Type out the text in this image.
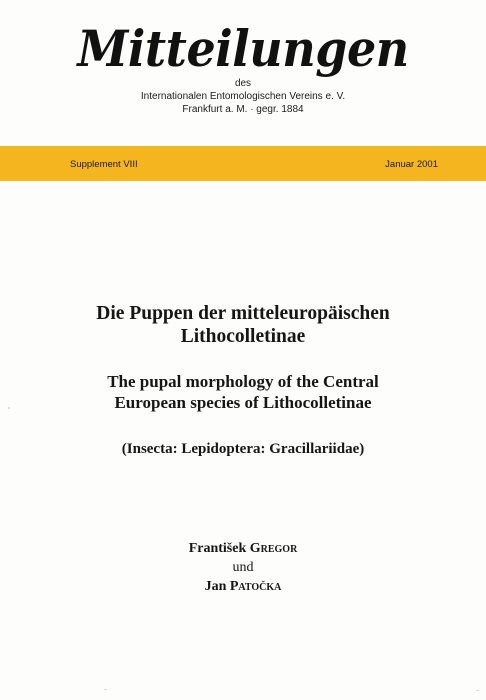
Mitteilungen
des
Internationalen Entomologischen Vereins e. V.
Frankfurt a. M. · gegr. 1884
Supplement VIII	Januar 2001
Die Puppen der mitteleuropäischen
Lithocolletinae
The pupal morphology of the Central
European species of Lithocolletinae
(Insecta: Lepidoptera: Gracillariidae)
František Gregor
und
Jan Patočka
